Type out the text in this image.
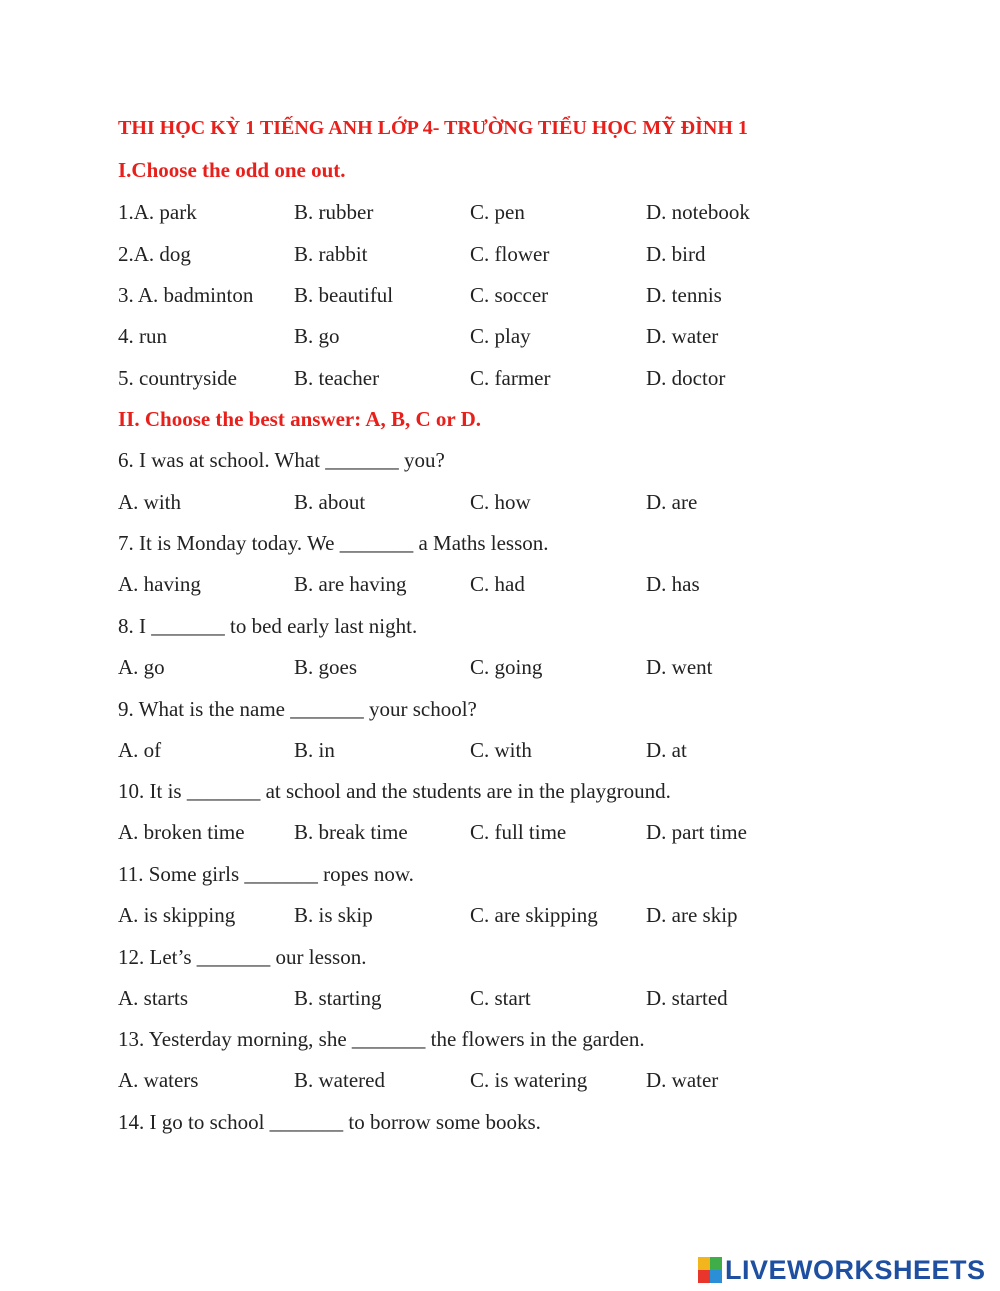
THI HỌC KỲ 1 TIẾNG ANH LỚP 4- TRƯỜNG TIỂU HỌC MỸ ĐÌNH 1
I.Choose the odd one out.
1.A. park	B. rubber	C. pen	D. notebook
2.A. dog	B. rabbit	C. flower	D. bird
3. A. badminton B. beautiful	C. soccer	D. tennis
4. run	B. go	C. play	D. water
5. countryside	B. teacher	C. farmer	D. doctor
II. Choose the best answer: A, B, C or D.
6. I was at school. What _______ you?
A. with	B. about	C. how	D. are
7. It is Monday today. We _______ a Maths lesson.
A. having	B. are having	C. had	D. has
8. I _______ to bed early last night.
A. go	B. goes	C. going	D. went
9. What is the name _______ your school?
A. of	B. in	C. with	D. at
10. It is _______ at school and the students are in the playground.
A. broken time B. break time	C. full time	D. part time
11. Some girls _______ ropes now.
A. is skipping	B. is skip	C. are skipping D. are skip
12. Let’s _______ our lesson.
A. starts	B. starting	C. start	D. started
13. Yesterday morning, she _______ the flowers in the garden.
A. waters	B. watered	C. is watering	D. water
14. I go to school _______ to borrow some books.
LIVEWORKSHEETS
